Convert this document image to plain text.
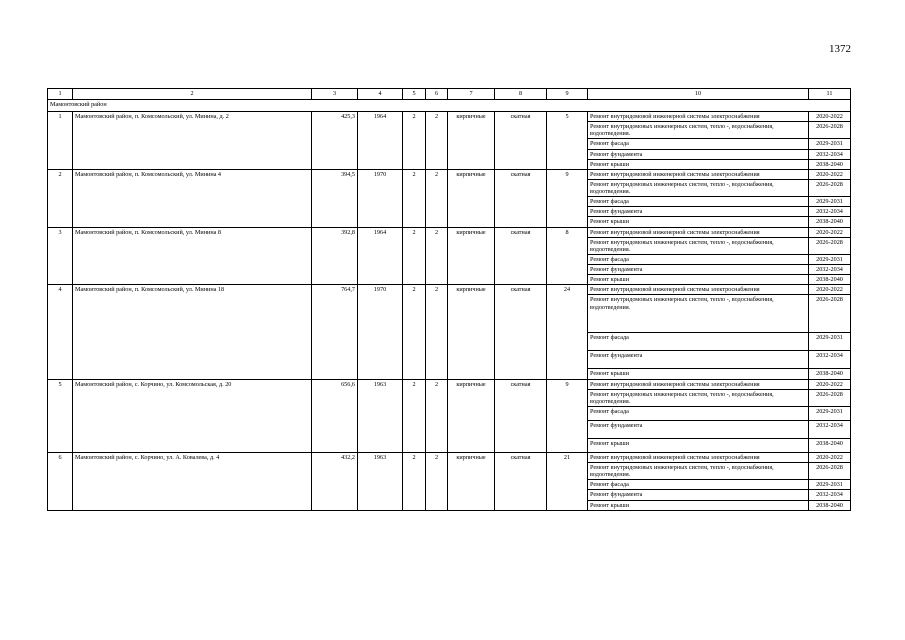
1372
1	2	3	4	5	6	7	8	9	10	11
Мамонтовский район										
1	Мамонтовский район, п. Комсомольский, ул. Минина, д. 2	425,3	1964	2	2	кирпичные	скатная	5	Ремонт внутридомовой инженерной системы электроснабжения	2020-2022
									Ремонт внутридомовых инженерных систем, тепло -, водоснабжения, водоотведения.	2026-2028
									Ремонт фасада	2029-2031
									Ремонт фундамента	2032-2034
									Ремонт крыши	2038-2040
2	Мамонтовский район, п. Комсомольский, ул. Минина 4	394,5	1970	2	2	кирпичные	скатная	9	Ремонт внутридомовой инженерной системы электроснабжения	2020-2022
									Ремонт внутридомовых инженерных систем, тепло -, водоснабжения, водоотведения.	2026-2028
									Ремонт фасада	2029-2031
									Ремонт фундамента	2032-2034
									Ремонт крыши	2038-2040
3	Мамонтовский район, п. Комсомольский, ул. Минина 8	392,8	1964	2	2	кирпичные	скатная	8	Ремонт внутридомовой инженерной системы электроснабжения	2020-2022
									Ремонт внутридомовых инженерных систем, тепло -, водоснабжения, водоотведения.	2026-2028
									Ремонт фасада	2029-2031
									Ремонт фундамента	2032-2034
									Ремонт крыши	2038-2040
4	Мамонтовский район, п. Комсомольский, ул. Минина 18	764,7	1970	2	2	кирпичные	скатная	24	Ремонт внутридомовой инженерной системы электроснабжения	2020-2022
									Ремонт внутридомовых инженерных систем, тепло -, водоснабжения, водоотведения.	2026-2028
									Ремонт фасада	2029-2031
									Ремонт фундамента	2032-2034
									Ремонт крыши	2038-2040
5	Мамонтовский район, с. Корчино, ул. Комсомольская, д. 20	656,6	1963	2	2	кирпичные	скатная	9	Ремонт внутридомовой инженерной системы электроснабжения	2020-2022
									Ремонт внутридомовых инженерных систем, тепло -, водоснабжения, водоотведения.	2026-2028
									Ремонт фасада	2029-2031
									Ремонт фундамента	2032-2034
									Ремонт крыши	2038-2040
6	Мамонтовский район, с. Корчино, ул. А. Ковалева, д. 4	432,2	1963	2	2	кирпичные	скатная	21	Ремонт внутридомовой инженерной системы электроснабжения	2020-2022
									Ремонт внутридомовых инженерных систем, тепло -, водоснабжения, водоотведения.	2026-2028
									Ремонт фасада	2029-2031
									Ремонт фундамента	2032-2034
									Ремонт крыши	2038-2040
